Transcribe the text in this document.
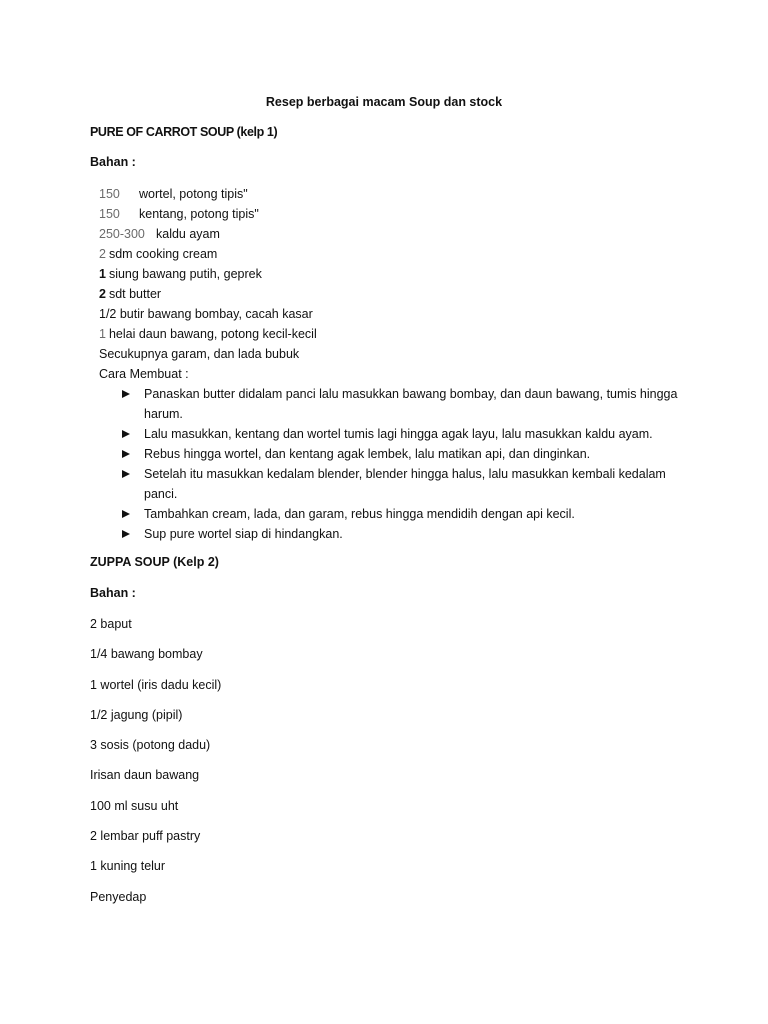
Resep berbagai macam Soup dan stock
PURE OF CARROT SOUP (kelp 1)
Bahan :
150 wortel, potong tipis"
150 kentang, potong tipis"
250-300 kaldu ayam
2 sdm cooking cream
1 siung bawang putih, geprek
2 sdt butter
1/2 butir bawang bombay, cacah kasar
1 helai daun bawang, potong kecil-kecil
Secukupnya garam, dan lada bubuk
Cara Membuat :
Panaskan butter didalam panci lalu masukkan bawang bombay, dan daun bawang, tumis hingga harum.
Lalu masukkan, kentang dan wortel tumis lagi hingga agak layu, lalu masukkan kaldu ayam.
Rebus hingga wortel, dan kentang agak lembek, lalu matikan api, dan dinginkan.
Setelah itu masukkan kedalam blender, blender hingga halus, lalu masukkan kembali kedalam panci.
Tambahkan cream, lada, dan garam, rebus hingga mendidih dengan api kecil.
Sup pure wortel siap di hindangkan.
ZUPPA SOUP (Kelp 2)
Bahan :
2 baput
1/4 bawang bombay
1 wortel (iris dadu kecil)
1/2 jagung (pipil)
3 sosis (potong dadu)
Irisan daun bawang
100 ml susu uht
2 lembar puff pastry
1 kuning telur
Penyedap
